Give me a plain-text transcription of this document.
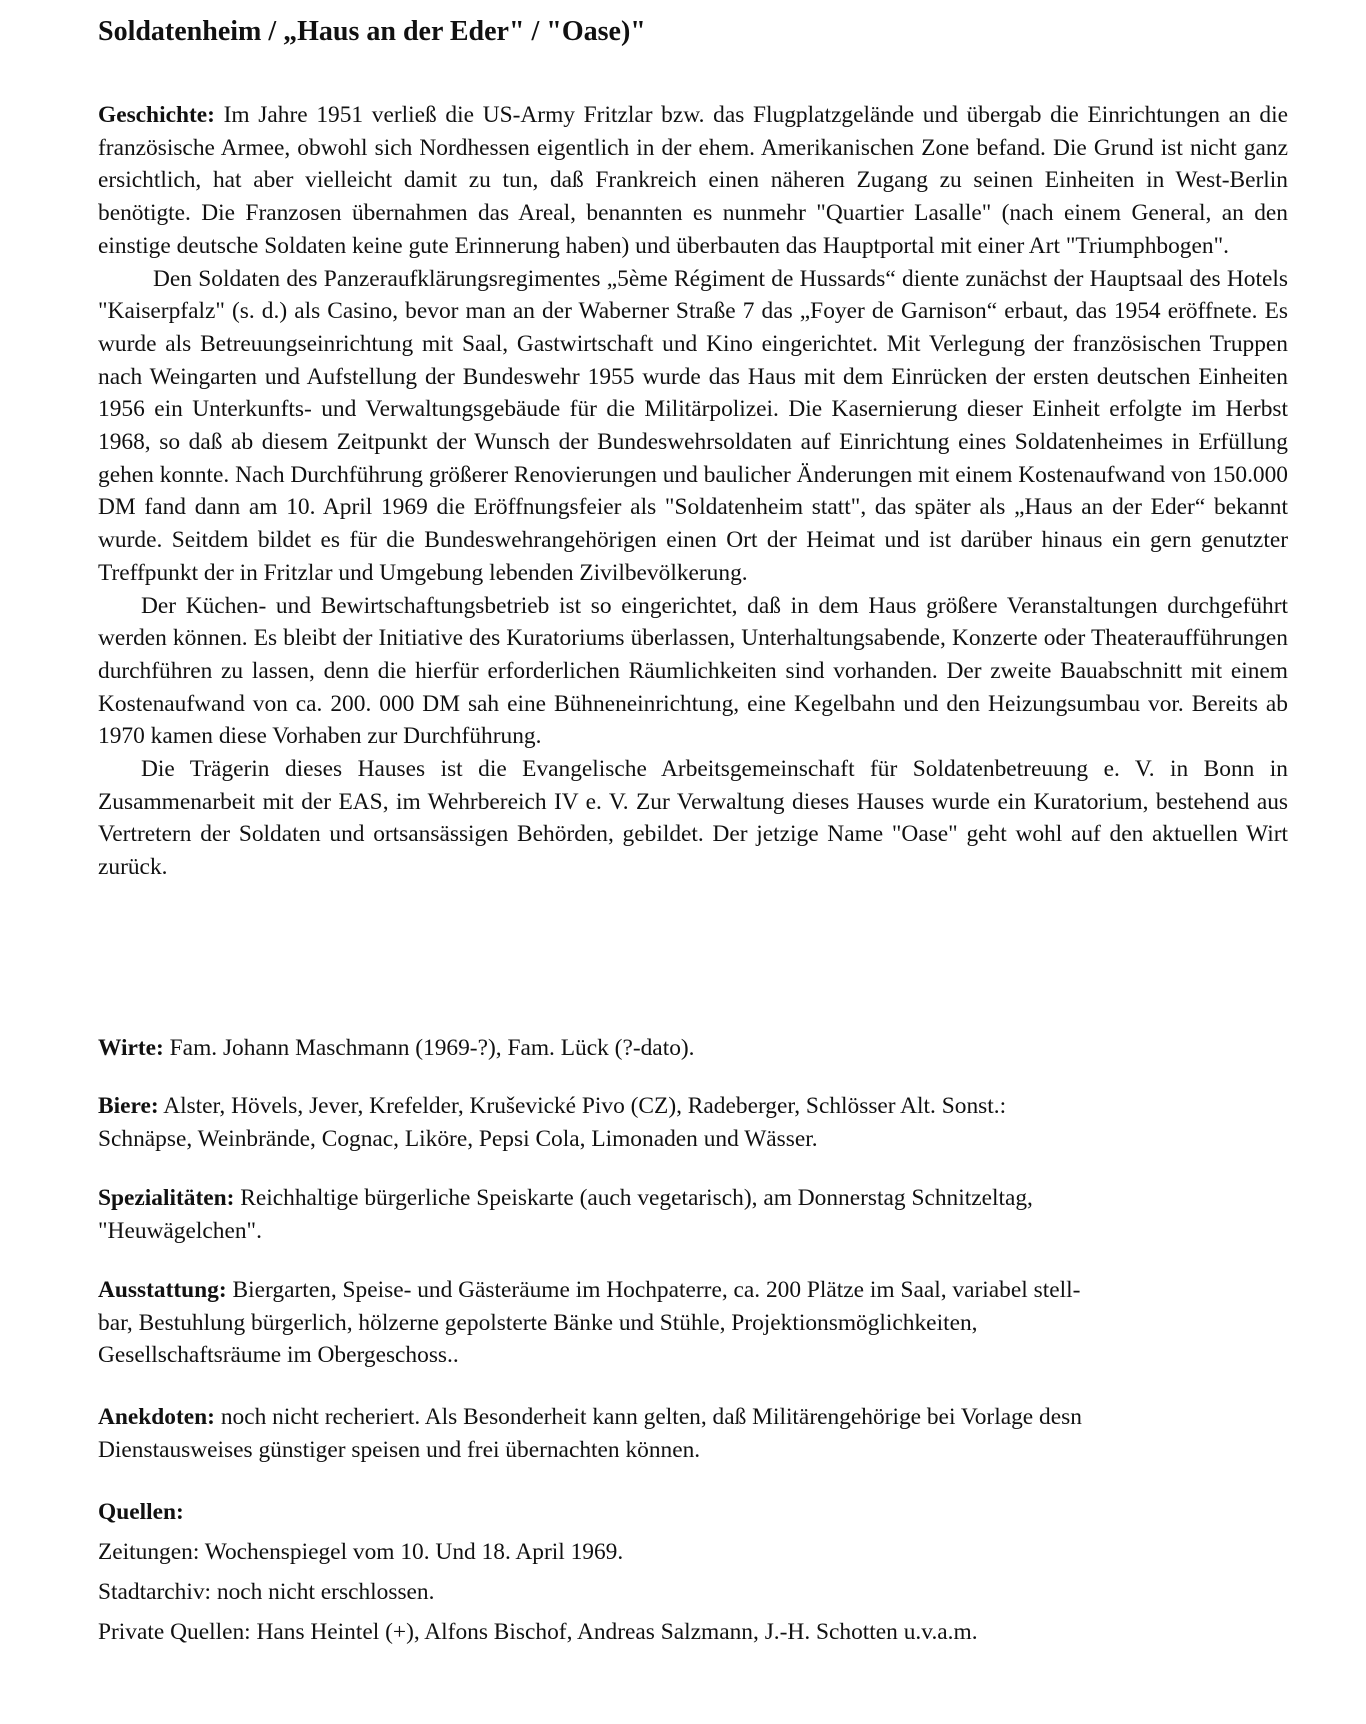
Soldatenheim / „Haus an der Eder" / "Oase)"

Geschichte: Im Jahre 1951 verließ die US-Army Fritzlar bzw. das Flugplatzgelände und übergab die Einrichtungen an die französische Armee, obwohl sich Nordhessen eigentlich in der ehem. Amerikanischen Zone befand. Die Grund ist nicht ganz ersichtlich, hat aber vielleicht damit zu tun, daß Frankreich einen näheren Zugang zu seinen Einheiten in West-Berlin benötigte. Die Franzosen übernahmen das Areal, benannten es nunmehr "Quartier Lasalle" (nach einem General, an den einstige deutsche Soldaten keine gute Erinnerung haben) und überbauten das Hauptportal mit einer Art "Triumphbogen".

Den Soldaten des Panzeraufklärungsregimentes „5ème Régiment de Hussards“ diente zunächst der Hauptsaal des Hotels "Kaiserpfalz" (s. d.) als Casino, bevor man an der Waberner Straße 7 das „Foyer de Garnison“ erbaut, das 1954 eröffnete. Es wurde als Betreuungseinrichtung mit Saal, Gastwirtschaft und Kino eingerichtet. Mit Verlegung der französischen Truppen nach Weingarten und Aufstellung der Bundeswehr 1955 wurde das Haus mit dem Einrücken der ersten deutschen Einheiten 1956 ein Unterkunfts- und Verwaltungsgebäude für die Militärpolizei. Die Kasernierung dieser Einheit erfolgte im Herbst 1968, so daß ab diesem Zeitpunkt der Wunsch der Bundeswehrsoldaten auf Einrichtung eines Soldatenheimes in Erfüllung gehen konnte. Nach Durchführung größerer Renovierungen und baulicher Änderungen mit einem Kostenaufwand von 150.000 DM fand dann am 10. April 1969 die Eröffnungsfeier als "Soldatenheim statt", das später als „Haus an der Eder“ bekannt wurde. Seitdem bildet es für die Bundeswehrangehörigen einen Ort der Heimat und ist darüber hinaus ein gern genutzter Treffpunkt der in Fritzlar und Umgebung lebenden Zivilbevölkerung.

Der Küchen- und Bewirtschaftungsbetrieb ist so eingerichtet, daß in dem Haus größere Veranstaltungen durchgeführt werden können. Es bleibt der Initiative des Kuratoriums überlassen, Unterhaltungsabende, Konzerte oder Theateraufführungen durchführen zu lassen, denn die hierfür erforderlichen Räumlichkeiten sind vorhanden. Der zweite Bauabschnitt mit einem Kostenaufwand von ca. 200. 000 DM sah eine Bühneneinrichtung, eine Kegelbahn und den Heizungsumbau vor. Bereits ab 1970 kamen diese Vorhaben zur Durchführung.

Die Trägerin dieses Hauses ist die Evangelische Arbeitsgemeinschaft für Soldatenbetreuung e. V. in Bonn in Zusammenarbeit mit der EAS, im Wehrbereich IV e. V. Zur Verwaltung dieses Hauses wurde ein Kuratorium, bestehend aus Vertretern der Soldaten und ortsansässigen Behörden, gebildet. Der jetzige Name "Oase" geht wohl auf den aktuellen Wirt zurück.

Wirte: Fam. Johann Maschmann (1969-?), Fam. Lück (?-dato).
Biere: Alster, Hövels, Jever, Krefelder, Kruševické Pivo (CZ), Radeberger, Schlösser Alt. Sonst.:
Schnäpse, Weinbrände, Cognac, Liköre, Pepsi Cola, Limonaden und Wässer.
Spezialitäten: Reichhaltige bürgerliche Speiskarte (auch vegetarisch), am Donnerstag Schnitzeltag,
"Heuwägelchen".
Ausstattung: Biergarten, Speise- und Gästeräume im Hochpaterre, ca. 200 Plätze im Saal, variabel stell-
bar, Bestuhlung bürgerlich, hölzerne gepolsterte Bänke und Stühle, Projektionsmöglichkeiten,
Gesellschaftsräume im Obergeschoss..
Anekdoten: noch nicht recheriert. Als Besonderheit kann gelten, daß Militärengehörige bei Vorlage desn
Dienstausweises günstiger speisen und frei übernachten können.
Quellen:
Zeitungen: Wochenspiegel vom 10. Und 18. April 1969.
Stadtarchiv: noch nicht erschlossen.
Private Quellen: Hans Heintel (+), Alfons Bischof, Andreas Salzmann, J.-H. Schotten u.v.a.m.
